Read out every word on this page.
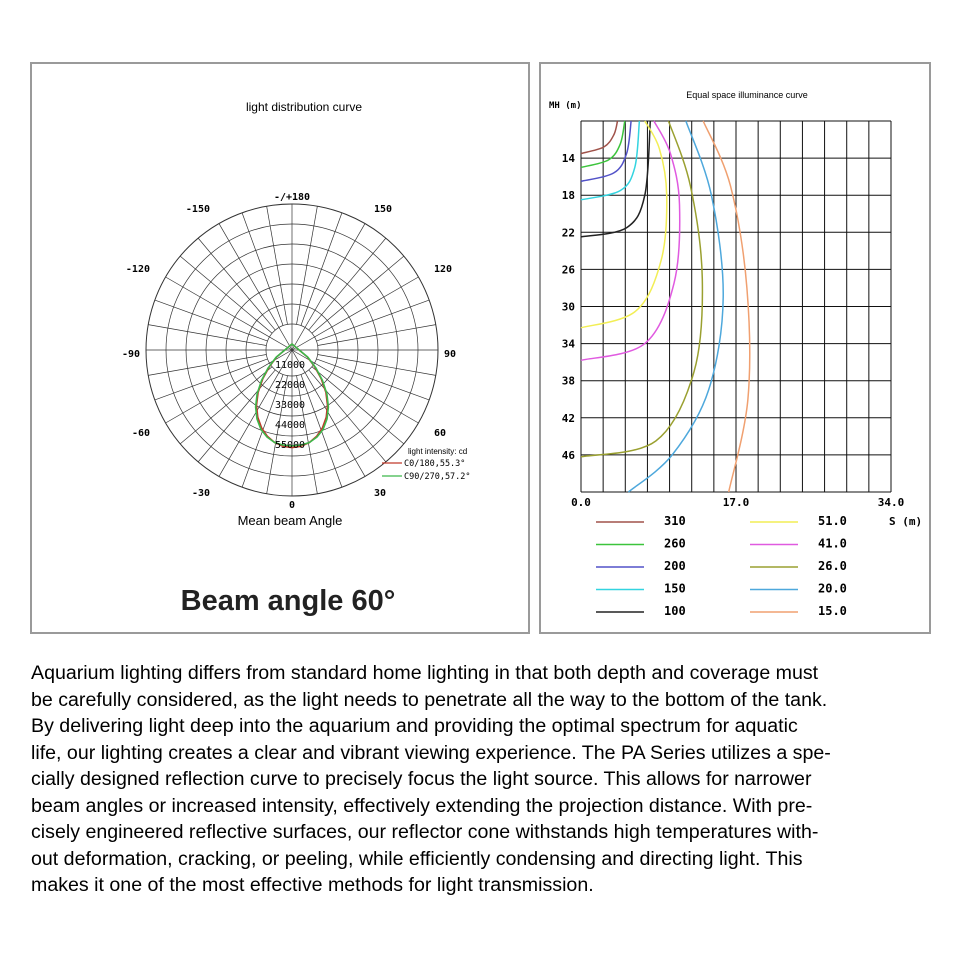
light distribution curve
-/+180
150
-150
120
-120
90
-90
60
-60
30
-30
0
11000
22000
33000
44000
55000
light intensity: cd
C0/180,55.3°
C90/270,57.2°
Mean beam Angle
Beam angle 60°
Equal space illuminance curve
MH (m)
14
18
22
26
30
34
38
42
46
0.0	17.0	34.0
S (m)
310
260
200
150
100
51.0
41.0
26.0
20.0
15.0

Aquarium lighting differs from standard home lighting in that both depth and coverage must
be carefully considered, as the light needs to penetrate all the way to the bottom of the tank.
By delivering light deep into the aquarium and providing the optimal spectrum for aquatic
life, our lighting creates a clear and vibrant viewing experience. The PA Series utilizes a spe-
cially designed reflection curve to precisely focus the light source. This allows for narrower
beam angles or increased intensity, effectively extending the projection distance. With pre-
cisely engineered reflective surfaces, our reflector cone withstands high temperatures with-
out deformation, cracking, or peeling, while efficiently condensing and directing light. This
makes it one of the most effective methods for light transmission.
